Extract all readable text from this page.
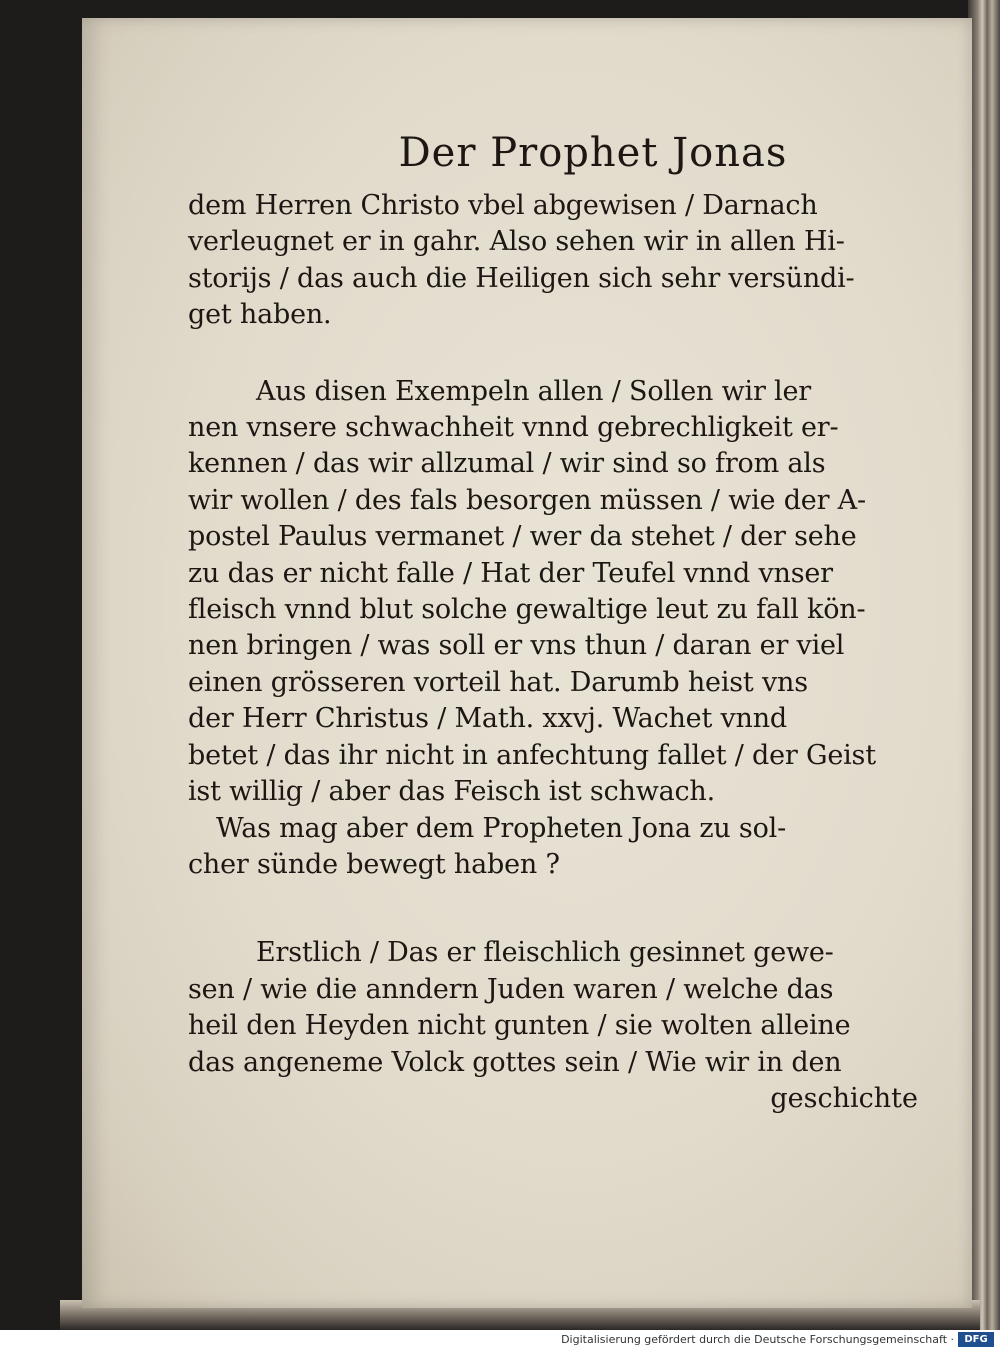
Der Prophet Jonas
dem Herren Christo vbel abgewisen / Darnach
verleugnet er in gahr. Also sehen wir in allen Hi-
storijs / das auch die Heiligen sich sehr versündi-
get haben.
Aus disen Exempeln allen / Sollen wir ler
nen vnsere schwachheit vnnd gebrechligkeit er-
kennen / das wir allzumal / wir sind so from als
wir wollen / des fals besorgen müssen / wie der A-
postel Paulus vermanet / wer da stehet / der sehe
zu das er nicht falle / Hat der Teufel vnnd vnser
fleisch vnnd blut solche gewaltige leut zu fall kön-
nen bringen / was soll er vns thun / daran er viel
einen grösseren vorteil hat. Darumb heist vns
der Herr Christus / Math. xxvj. Wachet vnnd
betet / das ihr nicht in anfechtung fallet / der Geist
ist willig / aber das Feisch ist schwach.
Was mag aber dem Propheten Jona zu sol-
cher sünde bewegt haben ?
Erstlich / Das er fleischlich gesinnet gewe-
sen / wie die anndern Juden waren / welche das
heil den Heyden nicht gunten / sie wolten alleine
das angeneme Volck gottes sein / Wie wir in den
geschichte
Digitalisierung gefördert durch die Deutsche Forschungsgemeinschaft ·	DFG
